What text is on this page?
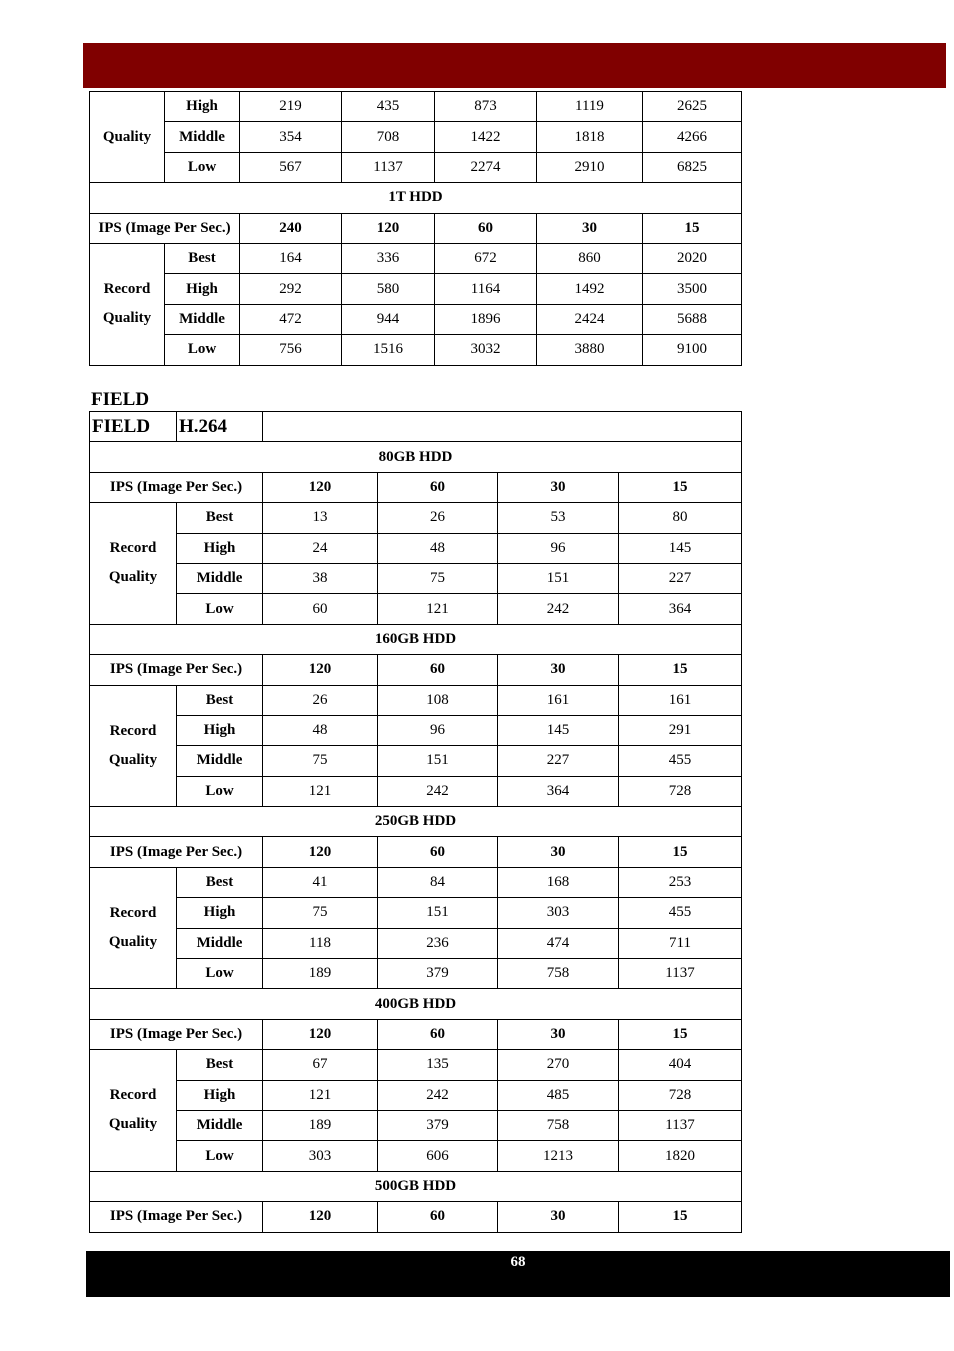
Quality	High	219	435	873	1119	2625
	Middle	354	708	1422	1818	4266
	Low	567	1137	2274	2910	6825
1T HDD						
IPS (Image Per Sec.)		240	120	60	30	15

Record
Quality	Best	164	336	672	860	2020
	High	292	580	1164	1492	3500
	Middle	472	944	1896	2424	5688
	Low	756	1516	3032	3880	9100
FIELD
FIELD	H.264				
80GB HDD					
IPS (Image Per Sec.)		120	60	30	15

Record
Quality	Best	13	26	53	80
	High	24	48	96	145
	Middle	38	75	151	227
	Low	60	121	242	364
160GB HDD					
IPS (Image Per Sec.)		120	60	30	15

Record
Quality	Best	26	108	161	161
	High	48	96	145	291
	Middle	75	151	227	455
	Low	121	242	364	728
250GB HDD					
IPS (Image Per Sec.)		120	60	30	15

Record
Quality	Best	41	84	168	253
	High	75	151	303	455
	Middle	118	236	474	711
	Low	189	379	758	1137
400GB HDD					
IPS (Image Per Sec.)		120	60	30	15

Record
Quality	Best	67	135	270	404
	High	121	242	485	728
	Middle	189	379	758	1137
	Low	303	606	1213	1820
500GB HDD					
IPS (Image Per Sec.)		120	60	30	15
68
